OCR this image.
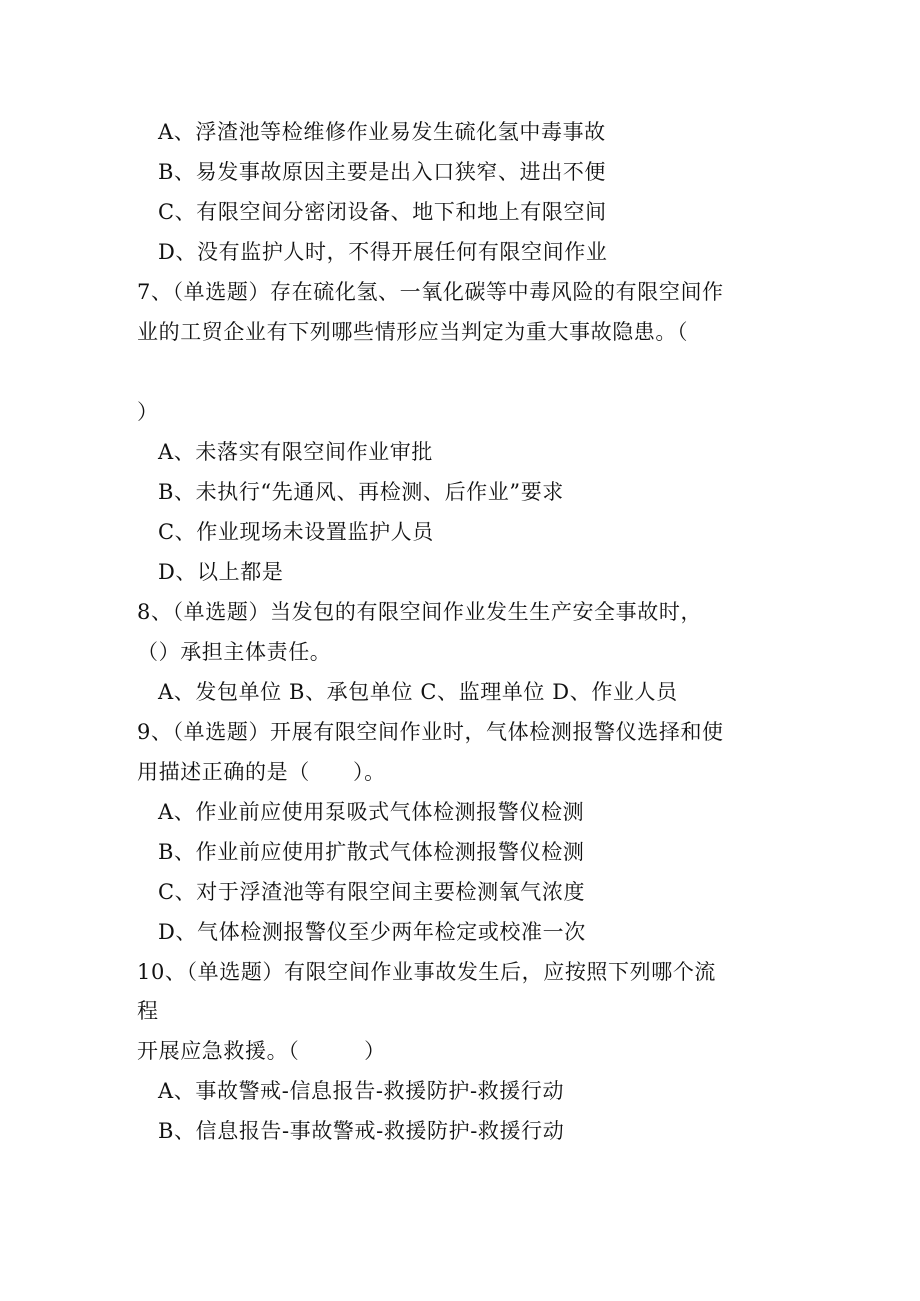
A、浮渣池等检维修作业易发生硫化氢中毒事故
B、易发事故原因主要是出入口狭窄、进出不便
C、有限空间分密闭设备、地下和地上有限空间
D、没有监护人时，不得开展任何有限空间作业
7、（单选题）存在硫化氢、一氧化碳等中毒风险的有限空间作
业的工贸企业有下列哪些情形应当判定为重大事故隐患。（
）
A、未落实有限空间作业审批
B、未执行“先通风、再检测、后作业”要求
C、作业现场未设置监护人员
D、以上都是
8、（单选题）当发包的有限空间作业发生生产安全事故时，
（）承担主体责任。
A、发包单位 B、承包单位 C、监理单位 D、作业人员
9、（单选题）开展有限空间作业时，气体检测报警仪选择和使
用描述正确的是（　　）。
A、作业前应使用泵吸式气体检测报警仪检测
B、作业前应使用扩散式气体检测报警仪检测
C、对于浮渣池等有限空间主要检测氧气浓度
D、气体检测报警仪至少两年检定或校准一次
10、（单选题）有限空间作业事故发生后，应按照下列哪个流
程
开展应急救援。（　　　）
A、事故警戒-信息报告-救援防护-救援行动
B、信息报告-事故警戒-救援防护-救援行动
